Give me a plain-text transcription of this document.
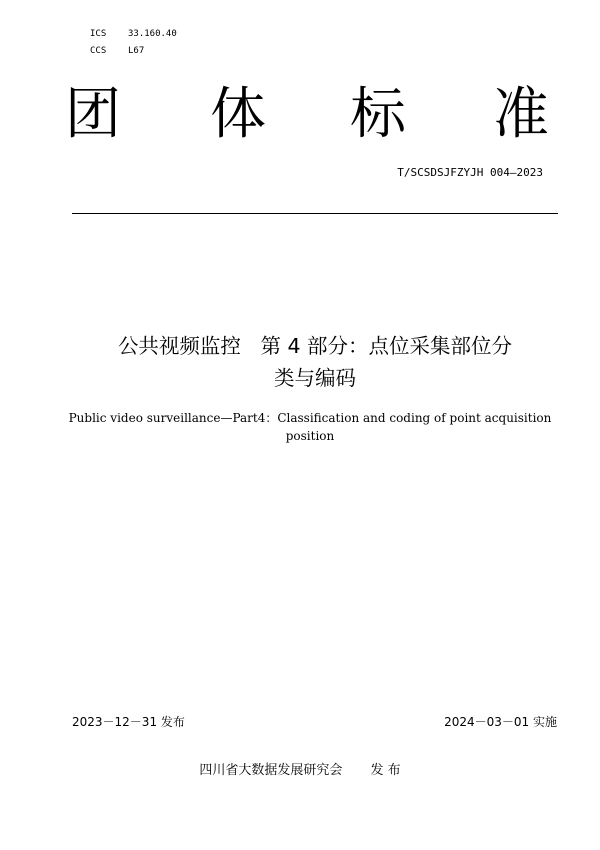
ICS 33.160.40
CCS L67
团 体 标 准
T/SCSDSJFZYJH 004—2023
公共视频监控   第 4 部分：点位采集部位分
类与编码
Public video surveillance—Part4：Classification and coding of point acquisition
position
2023－12－31 发布	2024－03－01 实施
四川省大数据发展研究会 发 布
